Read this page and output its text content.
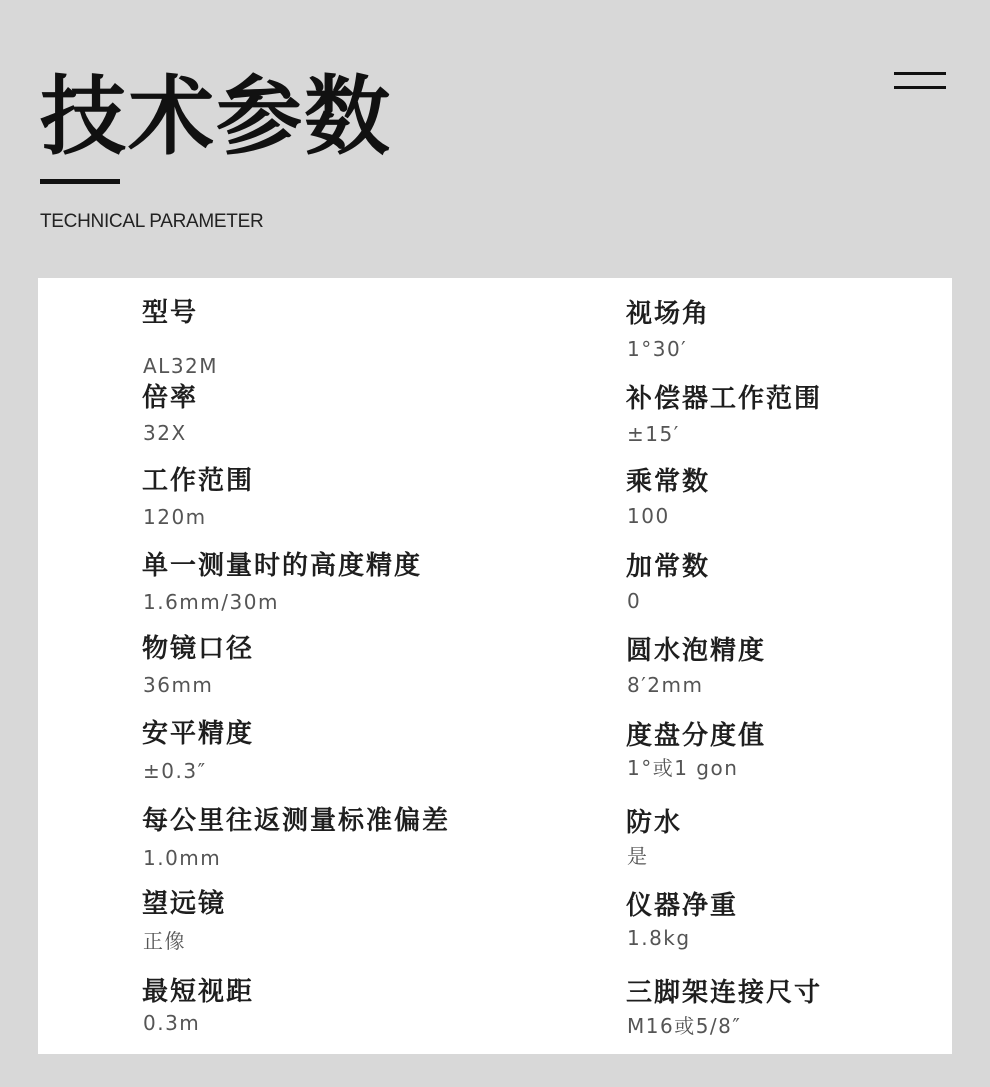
技术参数
TECHNICAL PARAMETER
型号
AL32M
倍率
32X
工作范围
120m
单一测量时的高度精度
1.6mm/30m
物镜口径
36mm
安平精度
±0.3″
每公里往返测量标准偏差
1.0mm
望远镜
正像
最短视距
0.3m
视场角
1°30′
补偿器工作范围
±15′
乘常数
100
加常数
0
圆水泡精度
8′2mm
度盘分度值
1°或1 gon
防水
是
仪器净重
1.8kg
三脚架连接尺寸
M16或5/8″
